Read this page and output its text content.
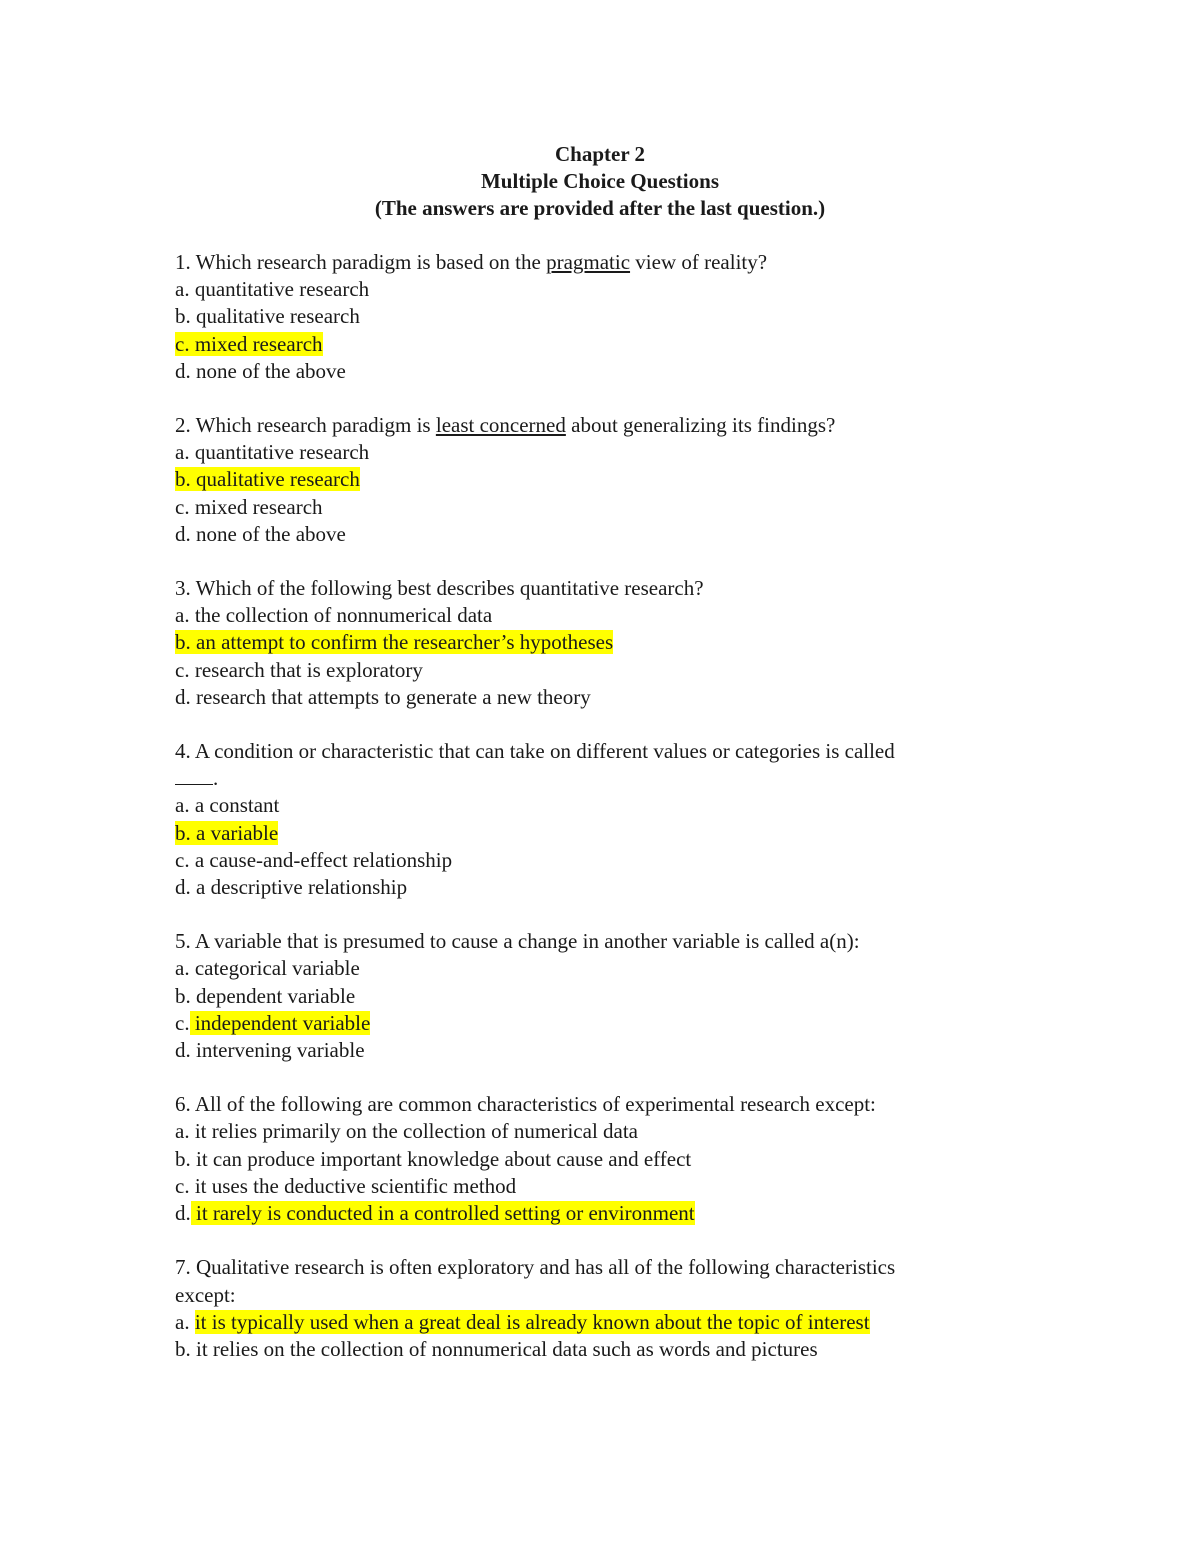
Chapter 2
Multiple Choice Questions
(The answers are provided after the last question.)
1. Which research paradigm is based on the pragmatic view of reality?
a. quantitative research
b. qualitative research
c. mixed research
d. none of the above
2. Which research paradigm is least concerned about generalizing its findings?
a. quantitative research
b. qualitative research
c. mixed research
d. none of the above
3. Which of the following best describes quantitative research?
a. the collection of nonnumerical data
b. an attempt to confirm the researcher’s hypotheses
c. research that is exploratory
d. research that attempts to generate a new theory
4. A condition or characteristic that can take on different values or categories is called
.
a. a constant
b. a variable
c. a cause-and-effect relationship
d. a descriptive relationship
5. A variable that is presumed to cause a change in another variable is called a(n):
a. categorical variable
b. dependent variable
c. independent variable
d. intervening variable
6. All of the following are common characteristics of experimental research except:
a. it relies primarily on the collection of numerical data
b. it can produce important knowledge about cause and effect
c. it uses the deductive scientific method
d. it rarely is conducted in a controlled setting or environment
7. Qualitative research is often exploratory and has all of the following characteristics
except:
a. it is typically used when a great deal is already known about the topic of interest
b. it relies on the collection of nonnumerical data such as words and pictures
